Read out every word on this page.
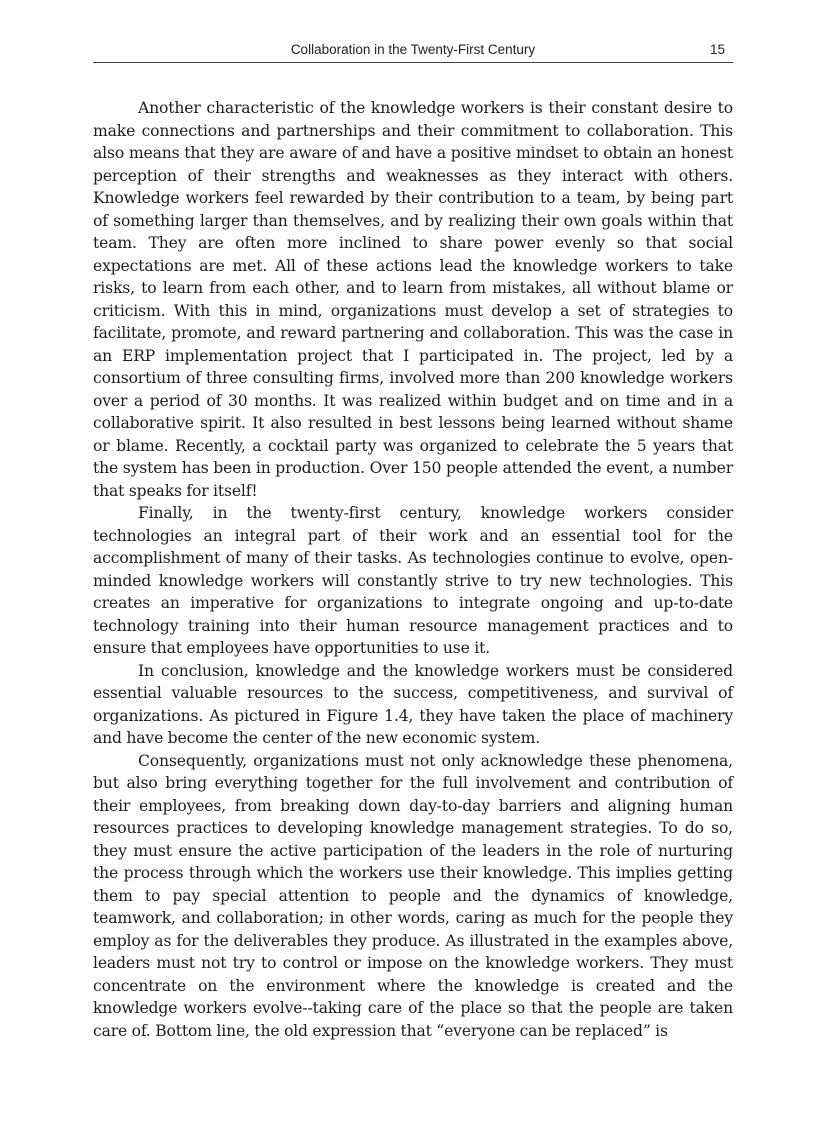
Collaboration in the Twenty-First Century	15

Another characteristic of the knowledge workers is their constant desire to make connections and partnerships and their commitment to collaboration. This also means that they are aware of and have a positive mindset to obtain an honest perception of their strengths and weaknesses as they interact with others. Knowledge workers feel rewarded by their contribution to a team, by being part of something larger than themselves, and by realizing their own goals within that team. They are often more inclined to share power evenly so that social expectations are met. All of these actions lead the knowledge workers to take risks, to learn from each other, and to learn from mistakes, all without blame or criticism. With this in mind, organizations must develop a set of strategies to facilitate, promote, and reward partnering and collaboration. This was the case in an ERP implementation project that I participated in. The project, led by a consortium of three consulting firms, involved more than 200 knowledge workers over a period of 30 months. It was realized within budget and on time and in a collaborative spirit. It also resulted in best lessons being learned without shame or blame. Recently, a cocktail party was organized to celebrate the 5 years that the system has been in production. Over 150 people attended the event, a number that speaks for itself!

Finally, in the twenty-first century, knowledge workers consider technologies an integral part of their work and an essential tool for the accomplishment of many of their tasks. As technologies continue to evolve, open-minded knowledge workers will constantly strive to try new technologies. This creates an imperative for organizations to integrate ongoing and up-to-date technology training into their human resource management practices and to ensure that employees have opportunities to use it.

In conclusion, knowledge and the knowledge workers must be considered essential valuable resources to the success, competitiveness, and survival of organizations. As pictured in Figure 1.4, they have taken the place of machinery and have become the center of the new economic system.

Consequently, organizations must not only acknowledge these phenomena, but also bring everything together for the full involvement and contribution of their employees, from breaking down day-to-day barriers and aligning human resources practices to developing knowledge management strategies. To do so, they must ensure the active participation of the leaders in the role of nurturing the process through which the workers use their knowledge. This implies getting them to pay special attention to people and the dynamics of knowledge, teamwork, and collaboration; in other words, caring as much for the people they employ as for the deliverables they produce. As illustrated in the examples above, leaders must not try to control or impose on the knowledge workers. They must concentrate on the environment where the knowledge is created and the knowledge workers evolve--taking care of the place so that the people are taken care of. Bottom line, the old expression that “everyone can be replaced” is
